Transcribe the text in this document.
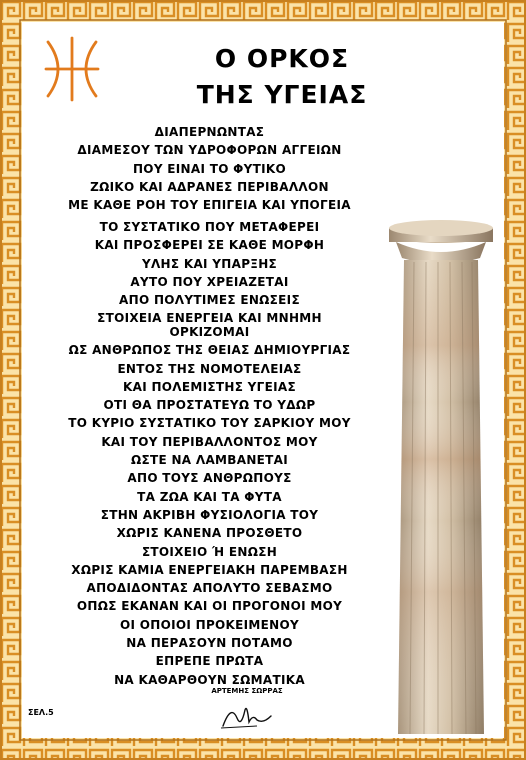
Ο ΟΡΚΟΣ
ΤΗΣ ΥΓΕΙΑΣ
ΔΙΑΠΕΡΝΩΝΤΑΣ
ΔΙΑΜΕΣΟΥ ΤΩΝ ΥΔΡΟΦΟΡΩΝ ΑΓΓΕΙΩΝ
ΠΟΥ ΕΙΝΑΙ ΤΟ ΦΥΤΙΚΟ
ΖΩΙΚΟ ΚΑΙ ΑΔΡΑΝΕΣ ΠΕΡΙΒΑΛΛΟΝ
ΜΕ ΚΑΘΕ ΡΟΗ ΤΟΥ ΕΠΙΓΕΙΑ ΚΑΙ ΥΠΟΓΕΙΑ
ΤΟ ΣΥΣΤΑΤΙΚΟ ΠΟΥ ΜΕΤΑΦΕΡΕΙ
ΚΑΙ ΠΡΟΣΦΕΡΕΙ ΣΕ ΚΑΘΕ ΜΟΡΦΗ
ΥΛΗΣ ΚΑΙ ΥΠΑΡΞΗΣ
ΑΥΤΟ ΠΟΥ ΧΡΕΙΑΖΕΤΑΙ
ΑΠΟ ΠΟΛΥΤΙΜΕΣ ΕΝΩΣΕΙΣ
ΣΤΟΙΧΕΙΑ ΕΝΕΡΓΕΙΑ ΚΑΙ ΜΝΗΜΗ
ΟΡΚΙΖΟΜΑΙ
ΩΣ ΑΝΘΡΩΠΟΣ ΤΗΣ ΘΕΙΑΣ ΔΗΜΙΟΥΡΓΙΑΣ
ΕΝΤΟΣ ΤΗΣ ΝΟΜΟΤΕΛΕΙΑΣ
ΚΑΙ ΠΟΛΕΜΙΣΤΗΣ ΥΓΕΙΑΣ
ΟΤΙ ΘΑ ΠΡΟΣΤΑΤΕΥΩ ΤΟ ΥΔΩΡ
ΤΟ ΚΥΡΙΟ ΣΥΣΤΑΤΙΚΟ ΤΟΥ ΣΑΡΚΙΟΥ ΜΟΥ
ΚΑΙ ΤΟΥ ΠΕΡΙΒΑΛΛΟΝΤΟΣ ΜΟΥ
ΩΣΤΕ ΝΑ ΛΑΜΒΑΝΕΤΑΙ
ΑΠΟ ΤΟΥΣ ΑΝΘΡΩΠΟΥΣ
ΤΑ ΖΩΑ ΚΑΙ ΤΑ ΦΥΤΑ
ΣΤΗΝ ΑΚΡΙΒΗ ΦΥΣΙΟΛΟΓΙΑ ΤΟΥ
ΧΩΡΙΣ ΚΑΝΕΝΑ ΠΡΟΣΘΕΤΟ
ΣΤΟΙΧΕΙΟ Ή ΕΝΩΣΗ
ΧΩΡΙΣ ΚΑΜΙΑ ΕΝΕΡΓΕΙΑΚΗ ΠΑΡΕΜΒΑΣΗ
ΑΠΟΔΙΔΟΝΤΑΣ ΑΠΟΛΥΤΟ ΣΕΒΑΣΜΟ
ΟΠΩΣ ΕΚΑΝΑΝ ΚΑΙ ΟΙ ΠΡΟΓΟΝΟΙ ΜΟΥ
ΟΙ ΟΠΟΙΟΙ ΠΡΟΚΕΙΜΕΝΟΥ
ΝΑ ΠΕΡΑΣΟΥΝ ΠΟΤΑΜΟ
ΕΠΡΕΠΕ ΠΡΩΤΑ
ΝΑ ΚΑΘΑΡΘΟΥΝ ΣΩΜΑΤΙΚΑ
ΑΡΤΕΜΗΣ ΣΩΡΡΑΣ
ΣΕΛ.5
